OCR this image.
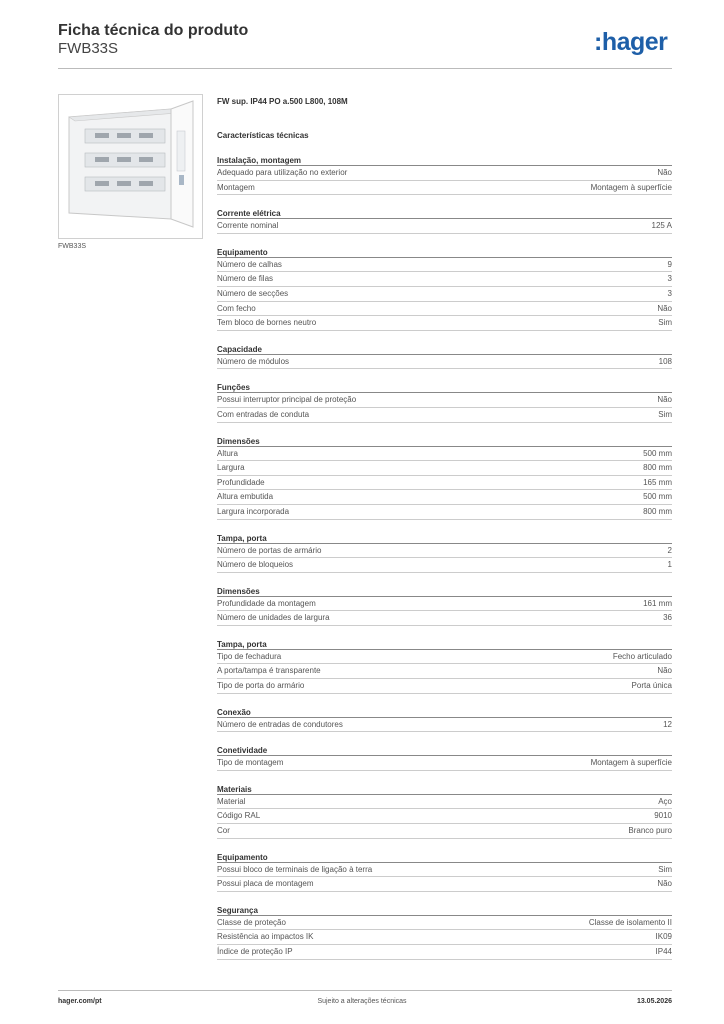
Ficha técnica do produto
FWB33S	:hager
FWB33S
FW sup. IP44 PO a.500 L800, 108M
Características técnicas
Instalação, montagem
Adequado para utilização no exterior	Não
Montagem	Montagem à superfície
Corrente elétrica
Corrente nominal	125 A
Equipamento
Número de calhas	9
Número de filas	3
Número de secções	3
Com fecho	Não
Tem bloco de bornes neutro	Sim
Capacidade
Número de módulos	108
Funções
Possui interruptor principal de proteção	Não
Com entradas de conduta	Sim
Dimensões
Altura	500 mm
Largura	800 mm
Profundidade	165 mm
Altura embutida	500 mm
Largura incorporada	800 mm
Tampa, porta
Número de portas de armário	2
Número de bloqueios	1
Dimensões
Profundidade da montagem	161 mm
Número de unidades de largura	36
Tampa, porta
Tipo de fechadura	Fecho articulado
A porta/tampa é transparente	Não
Tipo de porta do armário	Porta única
Conexão
Número de entradas de condutores	12
Conetividade
Tipo de montagem	Montagem à superfície
Materiais
Material	Aço
Código RAL	9010
Cor	Branco puro
Equipamento
Possui bloco de terminais de ligação à terra	Sim
Possui placa de montagem	Não
Segurança
Classe de proteção	Classe de isolamento II
Resistência ao impactos IK	IK09
Índice de proteção IP	IP44
hager.com/pt	Sujeito a alterações técnicas	13.05.2026
